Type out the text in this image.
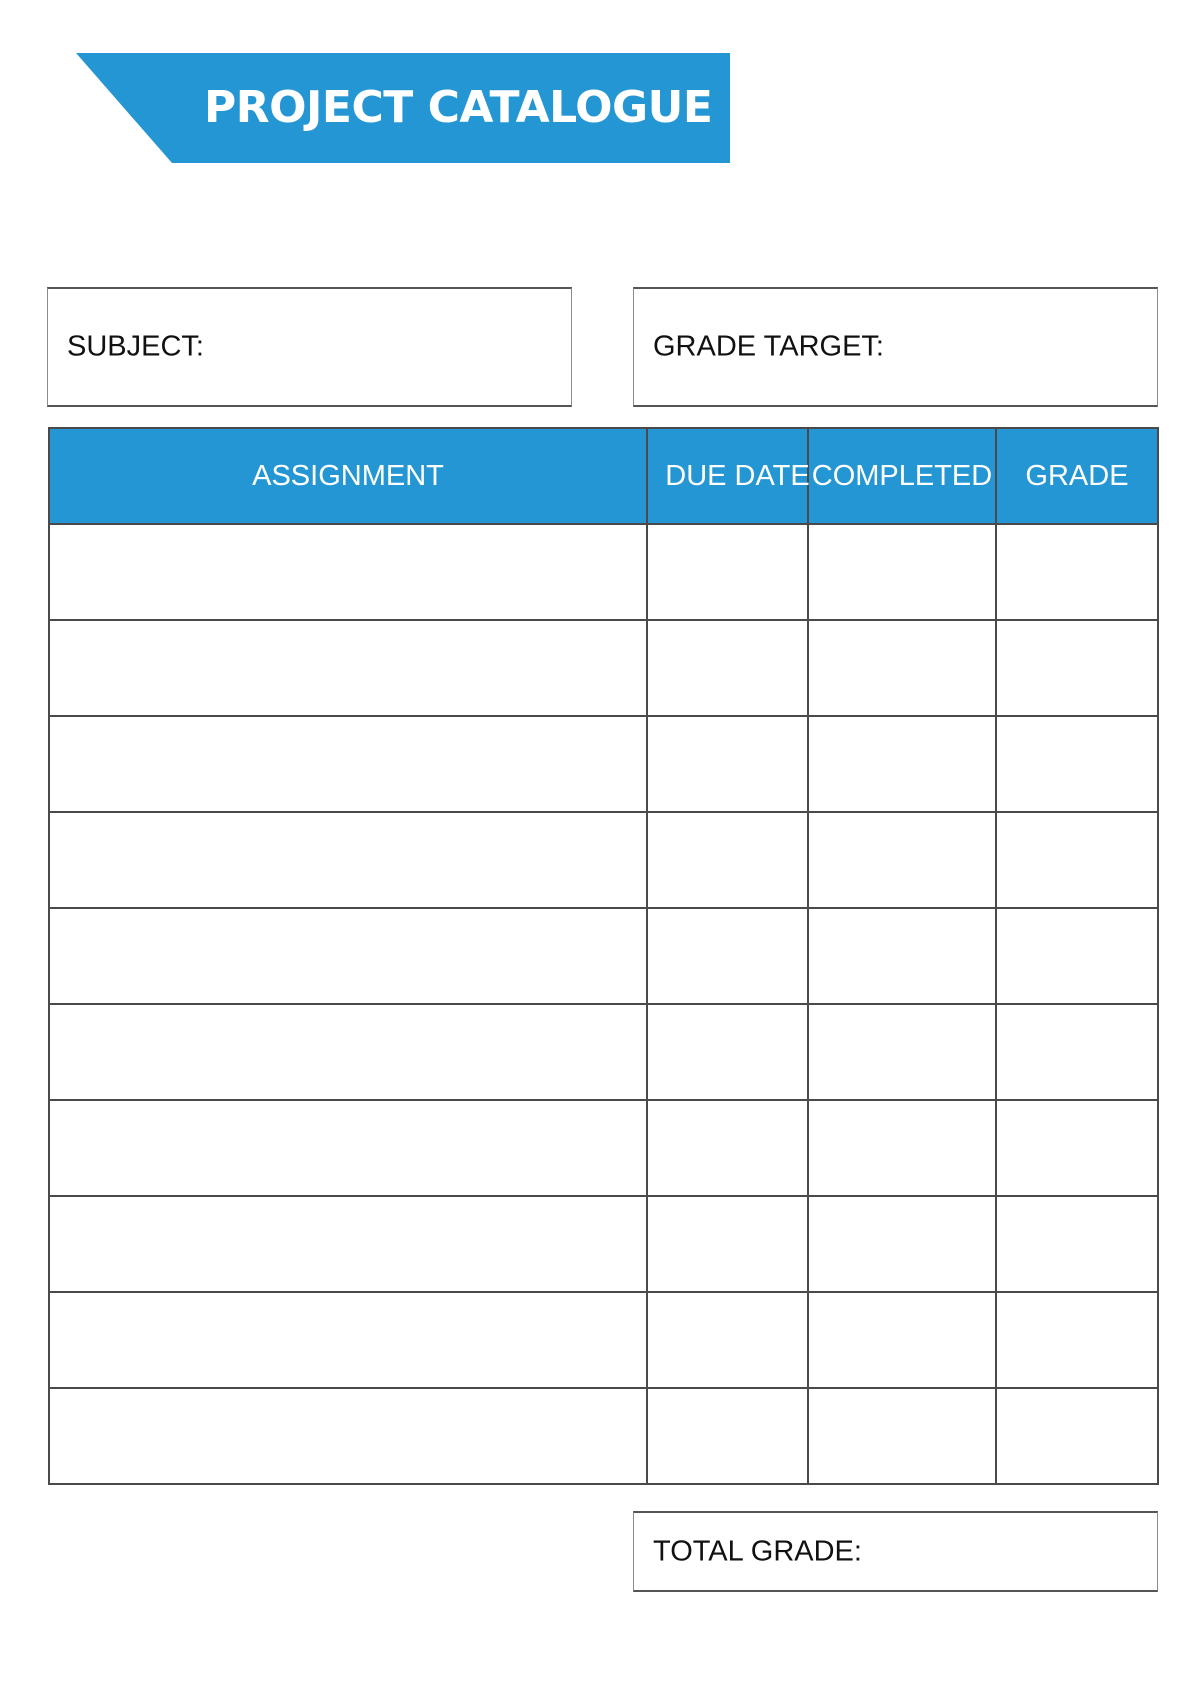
PROJECT CATALOGUE
SUBJECT:	GRADE TARGET:
ASSIGNMENT	DUE DATE	COMPLETED	GRADE

TOTAL GRADE:
